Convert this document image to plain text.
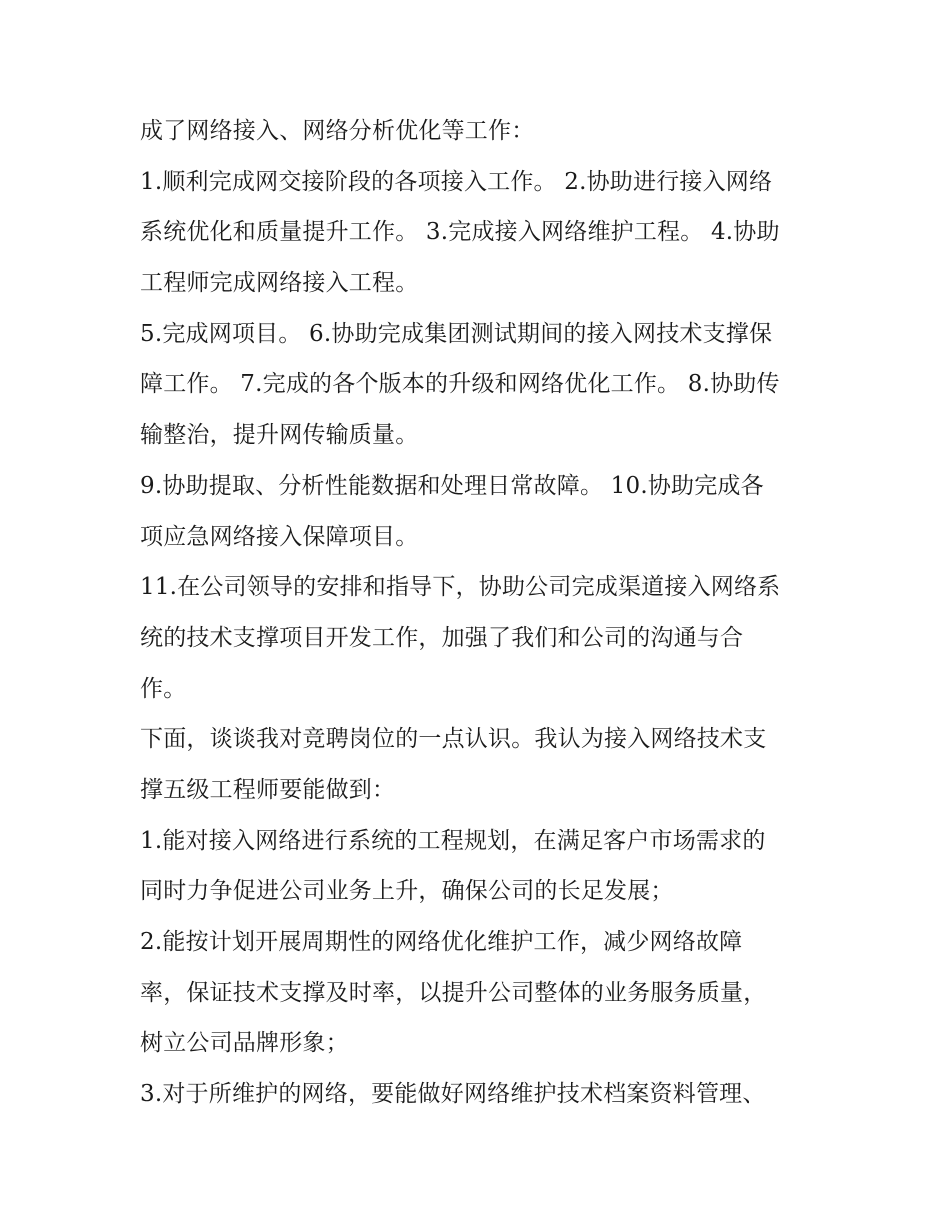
成了网络接入、网络分析优化等工作：
1.顺利完成网交接阶段的各项接入工作。 2.协助进行接入网络
系统优化和质量提升工作。 3.完成接入网络维护工程。 4.协助
工程师完成网络接入工程。
5.完成网项目。 6.协助完成集团测试期间的接入网技术支撑保
障工作。 7.完成的各个版本的升级和网络优化工作。 8.协助传
输整治，提升网传输质量。
9.协助提取、分析性能数据和处理日常故障。 10.协助完成各
项应急网络接入保障项目。
11.在公司领导的安排和指导下，协助公司完成渠道接入网络系
统的技术支撑项目开发工作，加强了我们和公司的沟通与合
作。
下面，谈谈我对竞聘岗位的一点认识。我认为接入网络技术支
撑五级工程师要能做到：
1.能对接入网络进行系统的工程规划，在满足客户市场需求的
同时力争促进公司业务上升，确保公司的长足发展；
2.能按计划开展周期性的网络优化维护工作，减少网络故障
率，保证技术支撑及时率，以提升公司整体的业务服务质量，
树立公司品牌形象；
3.对于所维护的网络，要能做好网络维护技术档案资料管理、
